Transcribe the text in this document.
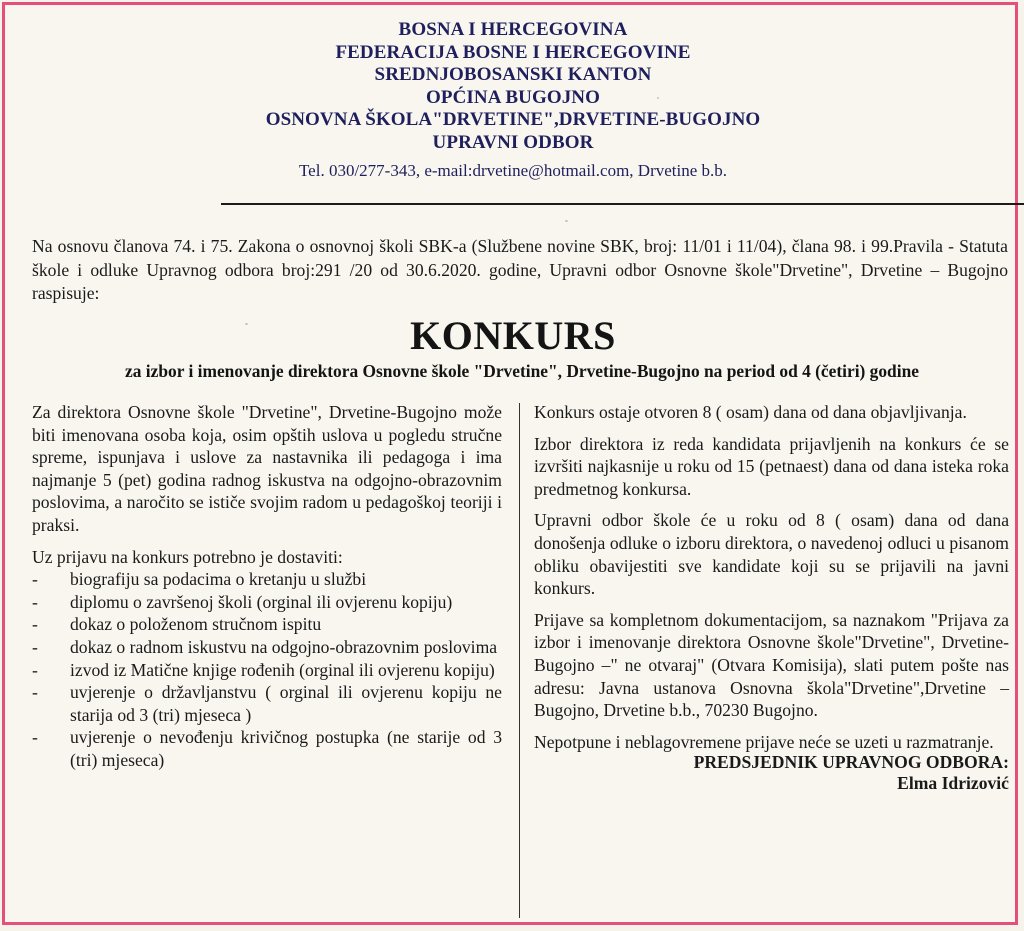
BOSNA I HERCEGOVINA
FEDERACIJA BOSNE I HERCEGOVINE
SREDNJOBOSANSKI KANTON
OPĆINA BUGOJNO
OSNOVNA ŠKOLA"DRVETINE",DRVETINE-BUGOJNO
UPRAVNI ODBOR
Tel. 030/277-343, e-mail:drvetine@hotmail.com, Drvetine b.b.
Na osnovu članova 74. i 75. Zakona o osnovnoj školi SBK-a (Službene novine SBK, broj: 11/01 i 11/04), člana 98. i 99.Pravila - Statuta škole i odluke Upravnog odbora broj:291 /20 od 30.6.2020. godine, Upravni odbor Osnovne škole"Drvetine", Drvetine – Bugojno raspisuje:
KONKURS
za izbor i imenovanje direktora Osnovne škole "Drvetine", Drvetine-Bugojno na period od 4 (četiri) godine

Za direktora Osnovne škole "Drvetine", Drvetine-Bugojno može biti imenovana osoba koja, osim opštih uslova u pogledu stručne spreme, ispunjava i uslove za nastavnika ili pedagoga i ima najmanje 5 (pet) godina radnog iskustva na odgojno-obrazovnim poslovima, a naročito se ističe svojim radom u pedagoškoj teoriji i praksi.

Uz prijavu na konkurs potrebno je dostaviti:
- biografiju sa podacima o kretanju u službi
- diplomu o završenoj školi (orginal ili ovjerenu kopiju)
- dokaz o položenom stručnom ispitu
- dokaz o radnom iskustvu na odgojno-obrazovnim poslovima
- izvod iz Matične knjige rođenih (orginal ili ovjerenu kopiju)
- uvjerenje o državljanstvu ( orginal ili ovjerenu kopiju ne starija od 3 (tri) mjeseca )
- uvjerenje o nevođenju krivičnog postupka (ne starije od 3 (tri) mjeseca)

Konkurs ostaje otvoren 8 ( osam) dana od dana objavljivanja.

Izbor direktora iz reda kandidata prijavljenih na konkurs će se izvršiti najkasnije u roku od 15 (petnaest) dana od dana isteka roka predmetnog konkursa.

Upravni odbor škole će u roku od 8 ( osam) dana od dana donošenja odluke o izboru direktora, o navedenoj odluci u pisanom obliku obavijestiti sve kandidate koji su se prijavili na javni konkurs.

Prijave sa kompletnom dokumentacijom, sa naznakom "Prijava za izbor i imenovanje direktora Osnovne škole"Drvetine", Drvetine-Bugojno –" ne otvaraj" (Otvara Komisija), slati putem pošte nas adresu: Javna ustanova Osnovna škola"Drvetine",Drvetine – Bugojno, Drvetine b.b., 70230 Bugojno.

Nepotpune i neblagovremene prijave neće se uzeti u razmatranje.

PREDSJEDNIK UPRAVNOG ODBORA:
Elma Idrizović
